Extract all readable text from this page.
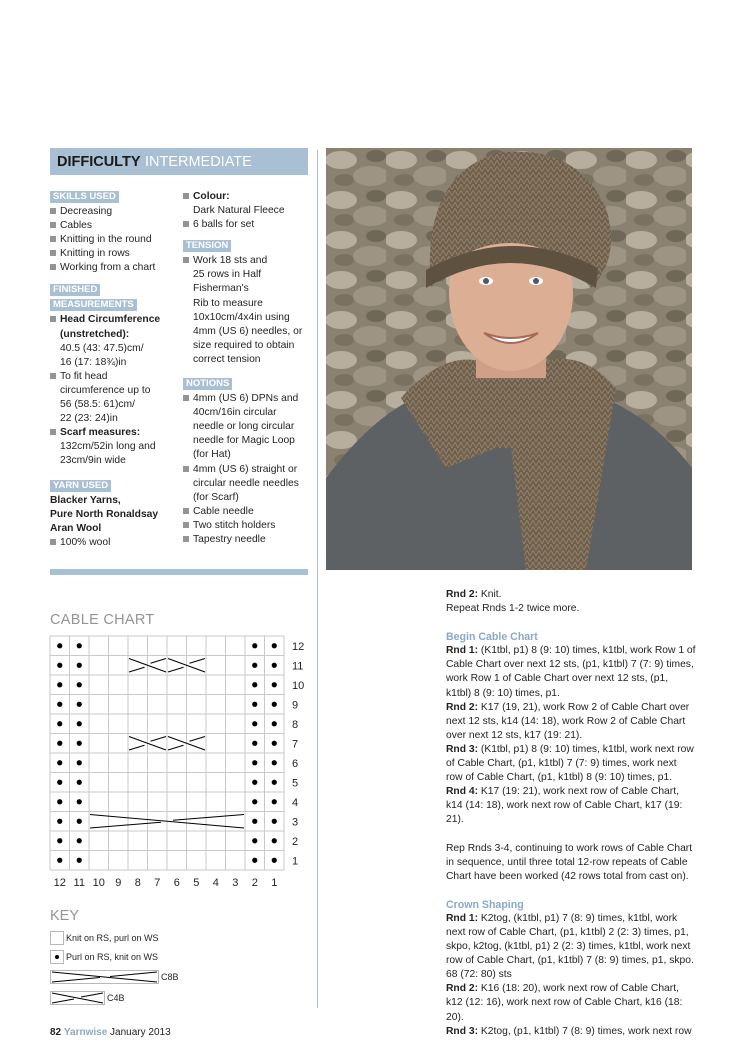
DIFFICULTY INTERMEDIATE
SKILLS USED
Decreasing
Cables
Knitting in the round
Knitting in rows
Working from a chart
FINISHED
MEASUREMENTS
Head Circumference
(unstretched):
40.5 (43: 47.5)cm/
16 (17: 18¾)in
To fit head
circumference up to
56 (58.5: 61)cm/
22 (23: 24)in
Scarf measures:
132cm/52in long and
23cm/9in wide
YARN USED
Blacker Yarns,
Pure North Ronaldsay
Aran Wool
100% wool
Colour:
Dark Natural Fleece
6 balls for set
TENSION
Work 18 sts and
25 rows in Half
Fisherman's
Rib to measure
10x10cm/4x4in using
4mm (US 6) needles, or
size required to obtain
correct tension
NOTIONS
4mm (US 6) DPNs and
40cm/16in circular
needle or long circular
needle for Magic Loop
(for Hat)
4mm (US 6) straight or
circular needle needles
(for Scarf)
Cable needle
Two stitch holders
Tapestry needle
CABLE CHART
12
11
10
9
8
7
6
5
4
3
2
1
12 11 10 9 8 7 6 5 4 3 2 1
KEY
Knit on RS, purl on WS
Purl on RS, knit on WS
C8B
C4B

Rnd 2: Knit.

Repeat Rnds 1-2 twice more.

Begin Cable Chart

Rnd 1: (K1tbl, p1) 8 (9: 10) times, k1tbl, work Row 1 of Cable Chart over next 12 sts, (p1, k1tbl) 7 (7: 9) times, work Row 1 of Cable Chart over next 12 sts, (p1, k1tbl) 8 (9: 10) times, p1.

Rnd 2: K17 (19, 21), work Row 2 of Cable Chart over next 12 sts, k14 (14: 18), work Row 2 of Cable Chart over next 12 sts, k17 (19: 21).

Rnd 3: (K1tbl, p1) 8 (9: 10) times, k1tbl, work next row of Cable Chart, (p1, k1tbl) 7 (7: 9) times, work next row of Cable Chart, (p1, k1tbl) 8 (9: 10) times, p1.

Rnd 4: K17 (19: 21), work next row of Cable Chart, k14 (14: 18), work next row of Cable Chart, k17 (19: 21).

Rep Rnds 3-4, continuing to work rows of Cable Chart in sequence, until three total 12-row repeats of Cable Chart have been worked (42 rows total from cast on).

Crown Shaping

Rnd 1: K2tog, (k1tbl, p1) 7 (8: 9) times, k1tbl, work next row of Cable Chart, (p1, k1tbl) 2 (2: 3) times, p1, skpo, k2tog, (k1tbl, p1) 2 (2: 3) times, k1tbl, work next row of Cable Chart, (p1, k1tbl) 7 (8: 9) times, p1, skpo. 68 (72: 80) sts

Rnd 2: K16 (18: 20), work next row of Cable Chart, k12 (12: 16), work next row of Cable Chart, k16 (18: 20).

Rnd 3: K2tog, (p1, k1tbl) 7 (8: 9) times, work next row

82 Yarnwise January 2013
